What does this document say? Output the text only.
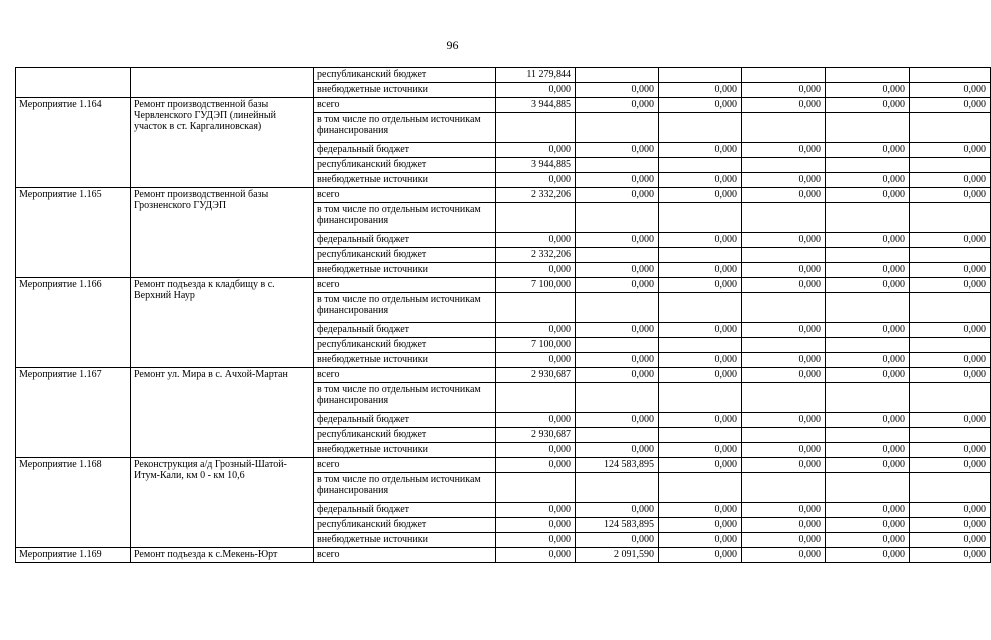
96
		республиканский бюджет	11 279,844					
		внебюджетные источники	0,000	0,000	0,000	0,000	0,000	0,000
Мероприятие 1.164	Ремонт производственной базы Червленского ГУДЭП (линейный участок в ст. Каргалиновская)	всего	3 944,885	0,000	0,000	0,000	0,000	0,000
		в том числе по отдельным источникам финансирования						
		федеральный бюджет	0,000	0,000	0,000	0,000	0,000	0,000
		республиканский бюджет	3 944,885					
		внебюджетные источники	0,000	0,000	0,000	0,000	0,000	0,000
Мероприятие 1.165	Ремонт производственной базы Грозненского ГУДЭП	всего	2 332,206	0,000	0,000	0,000	0,000	0,000
		в том числе по отдельным источникам финансирования						
		федеральный бюджет	0,000	0,000	0,000	0,000	0,000	0,000
		республиканский бюджет	2 332,206					
		внебюджетные источники	0,000	0,000	0,000	0,000	0,000	0,000
Мероприятие 1.166	Ремонт подъезда к кладбищу в с. Верхний Наур	всего	7 100,000	0,000	0,000	0,000	0,000	0,000
		в том числе по отдельным источникам финансирования						
		федеральный бюджет	0,000	0,000	0,000	0,000	0,000	0,000
		республиканский бюджет	7 100,000					
		внебюджетные источники	0,000	0,000	0,000	0,000	0,000	0,000
Мероприятие 1.167	Ремонт ул. Мира в с. Ачхой-Мартан	всего	2 930,687	0,000	0,000	0,000	0,000	0,000
		в том числе по отдельным источникам финансирования						
		федеральный бюджет	0,000	0,000	0,000	0,000	0,000	0,000
		республиканский бюджет	2 930,687					
		внебюджетные источники	0,000	0,000	0,000	0,000	0,000	0,000
Мероприятие 1.168	Реконструкция а/д Грозный-Шатой-Итум-Кали, км 0 - км 10,6	всего	0,000	124 583,895	0,000	0,000	0,000	0,000
		в том числе по отдельным источникам финансирования						
		федеральный бюджет	0,000	0,000	0,000	0,000	0,000	0,000
		республиканский бюджет	0,000	124 583,895	0,000	0,000	0,000	0,000
		внебюджетные источники	0,000	0,000	0,000	0,000	0,000	0,000
Мероприятие 1.169	Ремонт подъезда к с.Мекень-Юрт	всего	0,000	2 091,590	0,000	0,000	0,000	0,000
